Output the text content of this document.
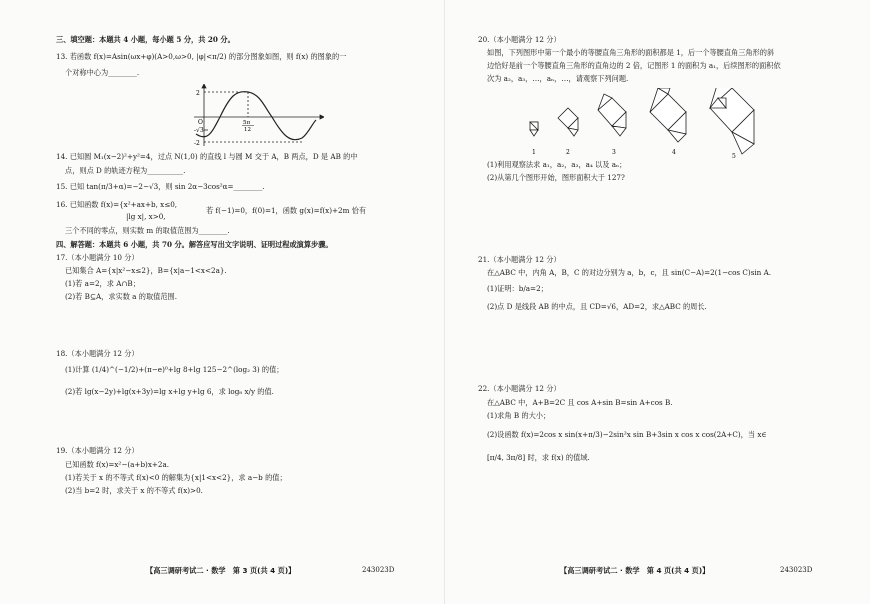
三、填空题：本题共 4 小题，每小题 5 分，共 20 分。
13. 若函数 f(x)=Asin(ωx+φ)(A>0,ω>0, |φ|<π/2) 的部分图象如图，则 f(x) 的图象的一
个对称中心为________.
2
-√3
-2
O	5π
12
14. 已知圆 M₁(x−2)²+y²=4，过点 N(1,0) 的直线 l 与圆 M 交于 A，B 两点，D 是 AB 的中
点，则点 D 的轨迹方程为__________.
15. 已知 tan(π/3+α)=−2−√3，则 sin 2α−3cos²α=________.
16. 已知函数 f(x)={x²+ax+b, x≤0,
|lg x|, x>0,
若 f(−1)=0，f(0)=1，函数 g(x)=f(x)+2m 恰有
三个不同的零点，则实数 m 的取值范围为________.
四、解答题：本题共 6 小题，共 70 分。解答应写出文字说明、证明过程或演算步骤。
17.（本小题满分 10 分）
已知集合 A={x|x²−x≤2}，B={x|a−1<x<2a}.
(1)若 a=2，求 A∩B；
(2)若 B⊆A，求实数 a 的取值范围.
18.（本小题满分 12 分）
(1)计算 (1/4)^(−1/2)+(π−e)⁰+lg 8+lg 125−2^(log₂ 3) 的值；
(2)若 lg(x−2y)+lg(x+3y)=lg x+lg y+lg 6，求 log₈ x/y 的值.
19.（本小题满分 12 分）
已知函数 f(x)=x²−(a+b)x+2a.
(1)若关于 x 的不等式 f(x)<0 的解集为{x|1<x<2}，求 a−b 的值；
(2)当 b=2 时，求关于 x 的不等式 f(x)>0.
【高三调研考试二 · 数学　第 3 页(共 4 页)】	243023D
20.（本小题满分 12 分）
如图，下列图形中第一个最小的等腰直角三角形的面积都是 1，后一个等腰直角三角形的斜
边恰好是前一个等腰直角三角形的直角边的 2 倍，记图形 1 的面积为 a₁，后续图形的面积依
次为 a₂，a₃，…，aₙ，…，请观察下列问题.
1	2	3	4
5
(1)利用观察法求 a₁，a₂，a₃，a₄ 以及 aₙ；
(2)从第几个图形开始，图形面积大于 127?
21.（本小题满分 12 分）
在△ABC 中，内角 A，B，C 的对边分别为 a，b，c，且 sin(C−A)=2(1−cos C)sin A.
(1)证明：b/a=2；
(2)点 D 是线段 AB 的中点，且 CD=√6，AD=2，求△ABC 的周长.
22.（本小题满分 12 分）
在△ABC 中，A+B=2C 且 cos A+sin B=sin A+cos B.
(1)求角 B 的大小；
(2)设函数 f(x)=2cos x sin(x+π/3)−2sin²x sin B+3sin x cos x cos(2A+C)，当 x∈
[π/4, 3π/8] 时，求 f(x) 的值域.
【高三调研考试二 · 数学　第 4 页(共 4 页)】	243023D
